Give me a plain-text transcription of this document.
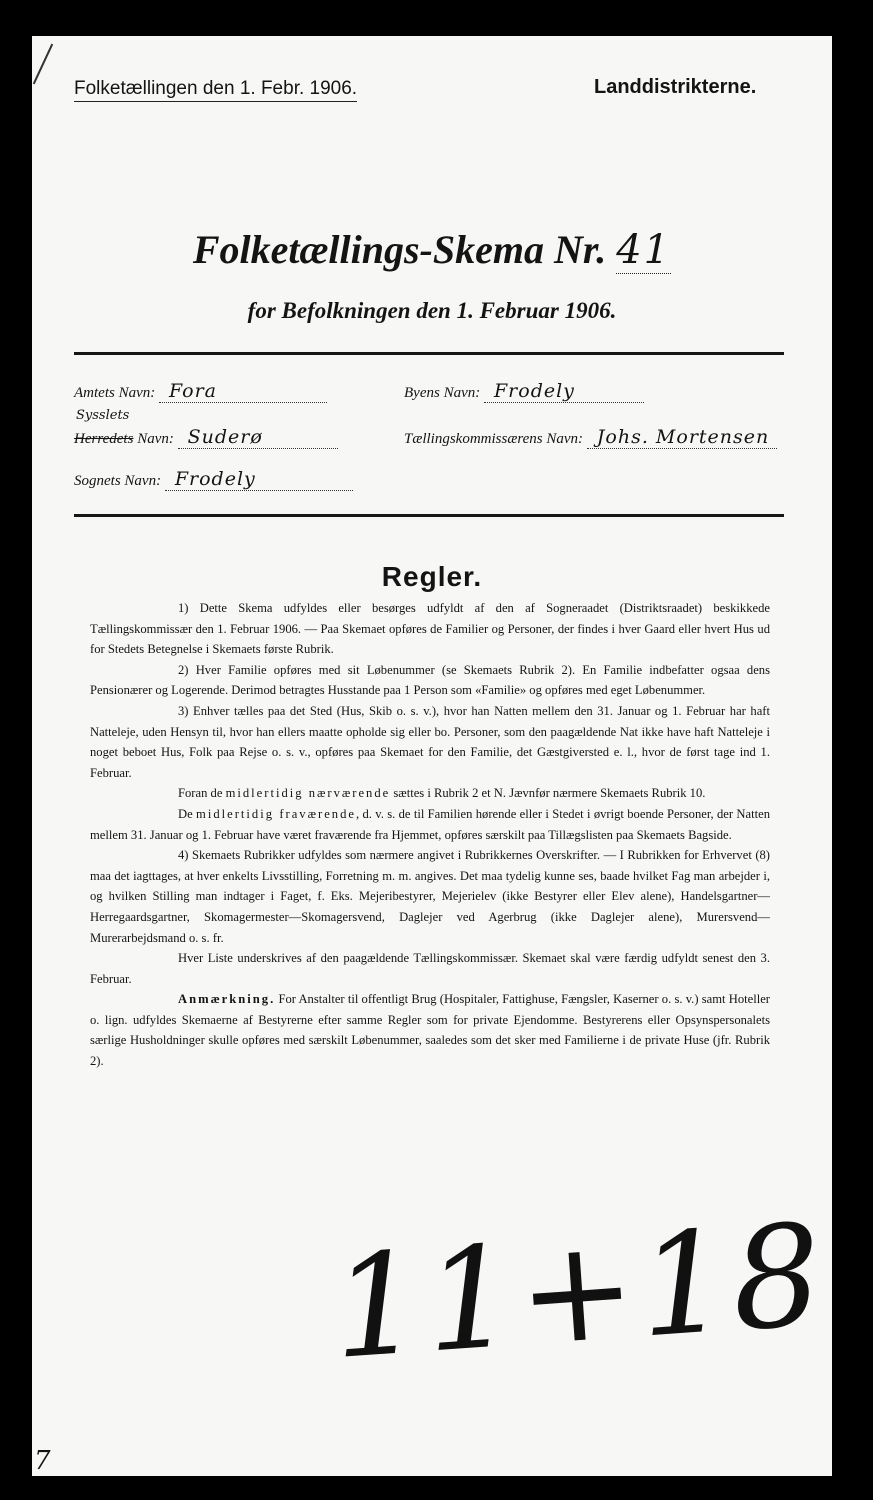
Folketællingen den 1. Febr. 1906.	Landdistrikterne.
Folketællings-Skema Nr. 41
for Befolkningen den 1. Februar 1906.
Amtets Navn: Fora	Byens Navn: Frodely
Sysslets
Herredets Navn: Suderø	Tællingskommissærens Navn: Johs. Mortensen
Sognets Navn: Frodely
Regler.

1) Dette Skema udfyldes eller besørges udfyldt af den af Sogneraadet (Distriktsraadet) beskikkede Tællingskommissær den 1. Februar 1906. — Paa Skemaet opføres de Familier og Personer, der findes i hver Gaard eller hvert Hus ud for Stedets Betegnelse i Skemaets første Rubrik.

2) Hver Familie opføres med sit Løbenummer (se Skemaets Rubrik 2). En Familie indbefatter ogsaa dens Pensionærer og Logerende. Derimod betragtes Husstande paa 1 Person som «Familie» og opføres med eget Løbenummer.

3) Enhver tælles paa det Sted (Hus, Skib o. s. v.), hvor han Natten mellem den 31. Januar og 1. Februar har haft Natteleje, uden Hensyn til, hvor han ellers maatte opholde sig eller bo. Personer, som den paagældende Nat ikke have haft Natteleje i noget beboet Hus, Folk paa Rejse o. s. v., opføres paa Skemaet for den Familie, det Gæstgiversted e. l., hvor de først tage ind 1. Februar.

Foran de midlertidig nærværende sættes i Rubrik 2 et N. Jævnfør nærmere Skemaets Rubrik 10.

De midlertidig fraværende, d. v. s. de til Familien hørende eller i Stedet i øvrigt boende Personer, der Natten mellem 31. Januar og 1. Februar have været fraværende fra Hjemmet, opføres særskilt paa Tillægslisten paa Skemaets Bagside.

4) Skemaets Rubrikker udfyldes som nærmere angivet i Rubrikkernes Overskrifter. — I Rubrikken for Erhvervet (8) maa det iagttages, at hver enkelts Livsstilling, Forretning m. m. angives. Det maa tydelig kunne ses, baade hvilket Fag man arbejder i, og hvilken Stilling man indtager i Faget, f. Eks. Mejeribestyrer, Mejerielev (ikke Bestyrer eller Elev alene), Handelsgartner—Herregaardsgartner, Skomagermester—Skomagersvend, Daglejer ved Agerbrug (ikke Daglejer alene), Murersvend—Murerarbejdsmand o. s. fr.

Hver Liste underskrives af den paagældende Tællingskommissær. Skemaet skal være færdig udfyldt senest den 3. Februar.

Anmærkning. For Anstalter til offentligt Brug (Hospitaler, Fattighuse, Fængsler, Kaserner o. s. v.) samt Hoteller o. lign. udfyldes Skemaerne af Bestyrerne efter samme Regler som for private Ejendomme. Bestyrerens eller Opsynspersonalets særlige Husholdninger skulle opføres med særskilt Løbenummer, saaledes som det sker med Familierne i de private Huse (jfr. Rubrik 2).

11+18
7
